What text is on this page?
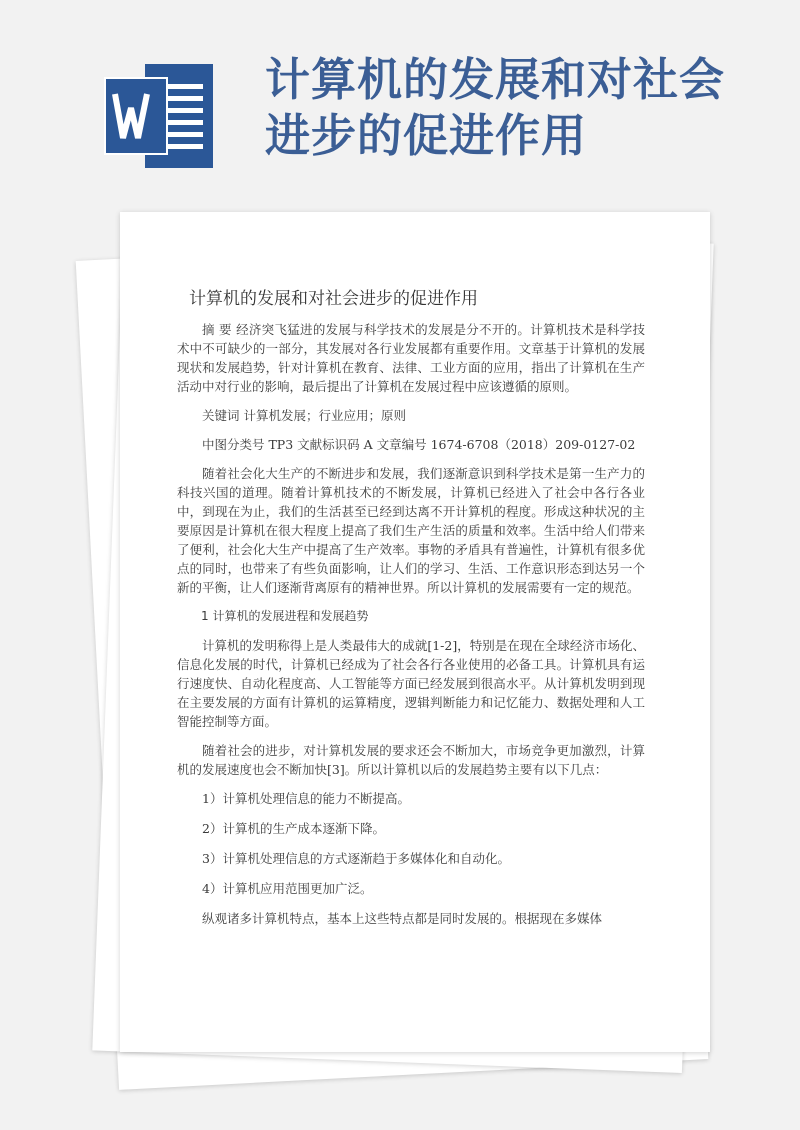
计算机的发展和对社会进步的促进作用
计算机的发展和对社会进步的促进作用

摘 要 经济突飞猛进的发展与科学技术的发展是分不开的。计算机技术是科学技术中不可缺少的一部分，其发展对各行业发展都有重要作用。文章基于计算机的发展现状和发展趋势，针对计算机在教育、法律、工业方面的应用，指出了计算机在生产活动中对行业的影响，最后提出了计算机在发展过程中应该遵循的原则。

关键词 计算机发展；行业应用；原则

中图分类号 TP3 文献标识码 A 文章编号 1674-6708（2018）209-0127-02

随着社会化大生产的不断进步和发展，我们逐渐意识到科学技术是第一生产力的科技兴国的道理。随着计算机技术的不断发展，计算机已经进入了社会中各行各业中，到现在为止，我们的生活甚至已经到达离不开计算机的程度。形成这种状况的主要原因是计算机在很大程度上提高了我们生产生活的质量和效率。生活中给人们带来了便利，社会化大生产中提高了生产效率。事物的矛盾具有普遍性，计算机有很多优点的同时，也带来了有些负面影响，让人们的学习、生活、工作意识形态到达另一个新的平衡，让人们逐渐背离原有的精神世界。所以计算机的发展需要有一定的规范。

1 计算机的发展进程和发展趋势

计算机的发明称得上是人类最伟大的成就[1-2]，特别是在现在全球经济市场化、信息化发展的时代，计算机已经成为了社会各行各业使用的必备工具。计算机具有运行速度快、自动化程度高、人工智能等方面已经发展到很高水平。从计算机发明到现在主要发展的方面有计算机的运算精度，逻辑判断能力和记忆能力、数据处理和人工智能控制等方面。

随着社会的进步，对计算机发展的要求还会不断加大，市场竞争更加激烈，计算机的发展速度也会不断加快[3]。所以计算机以后的发展趋势主要有以下几点：

1）计算机处理信息的能力不断提高。

2）计算机的生产成本逐渐下降。

3）计算机处理信息的方式逐渐趋于多媒体化和自动化。

4）计算机应用范围更加广泛。

纵观诸多计算机特点，基本上这些特点都是同时发展的。根据现在多媒体
